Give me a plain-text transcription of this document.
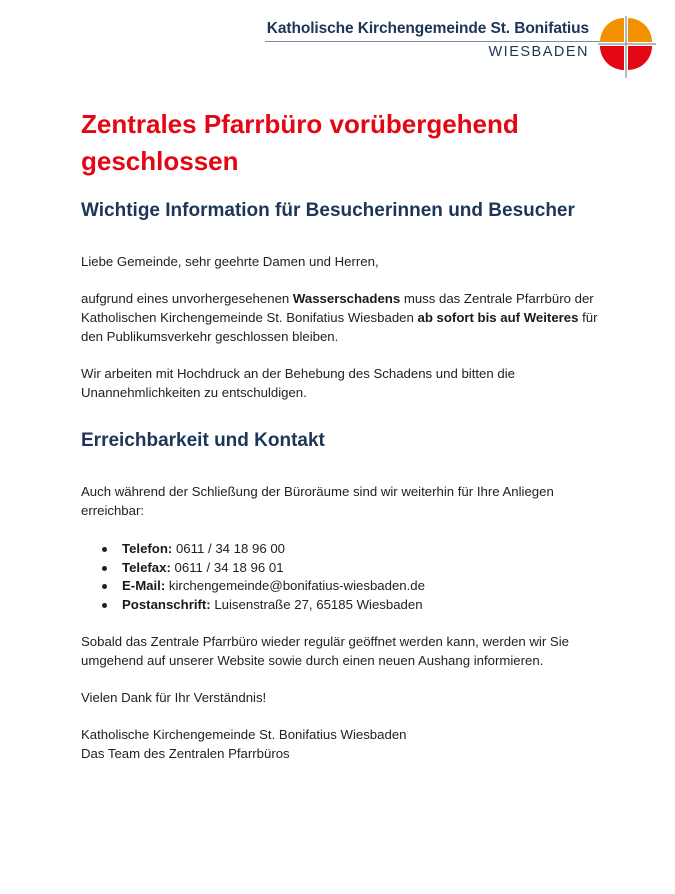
Katholische Kirchengemeinde St. Bonifatius
WIESBADEN
Zentrales Pfarrbüro vorübergehend
geschlossen
Wichtige Information für Besucherinnen und Besucher

Liebe Gemeinde, sehr geehrte Damen und Herren,

aufgrund eines unvorhergesehenen Wasserschadens muss das Zentrale Pfarrbüro der Katholischen Kirchengemeinde St. Bonifatius Wiesbaden ab sofort bis auf Weiteres für den Publikumsverkehr geschlossen bleiben.

Wir arbeiten mit Hochdruck an der Behebung des Schadens und bitten die Unannehmlichkeiten zu entschuldigen.

Erreichbarkeit und Kontakt

Auch während der Schließung der Büroräume sind wir weiterhin für Ihre Anliegen erreichbar:

Telefon: 0611 / 34 18 96 00
Telefax: 0611 / 34 18 96 01
E-Mail: kirchengemeinde@bonifatius-wiesbaden.de
Postanschrift: Luisenstraße 27, 65185 Wiesbaden

Sobald das Zentrale Pfarrbüro wieder regulär geöffnet werden kann, werden wir Sie umgehend auf unserer Website sowie durch einen neuen Aushang informieren.

Vielen Dank für Ihr Verständnis!

Katholische Kirchengemeinde St. Bonifatius Wiesbaden
Das Team des Zentralen Pfarrbüros
